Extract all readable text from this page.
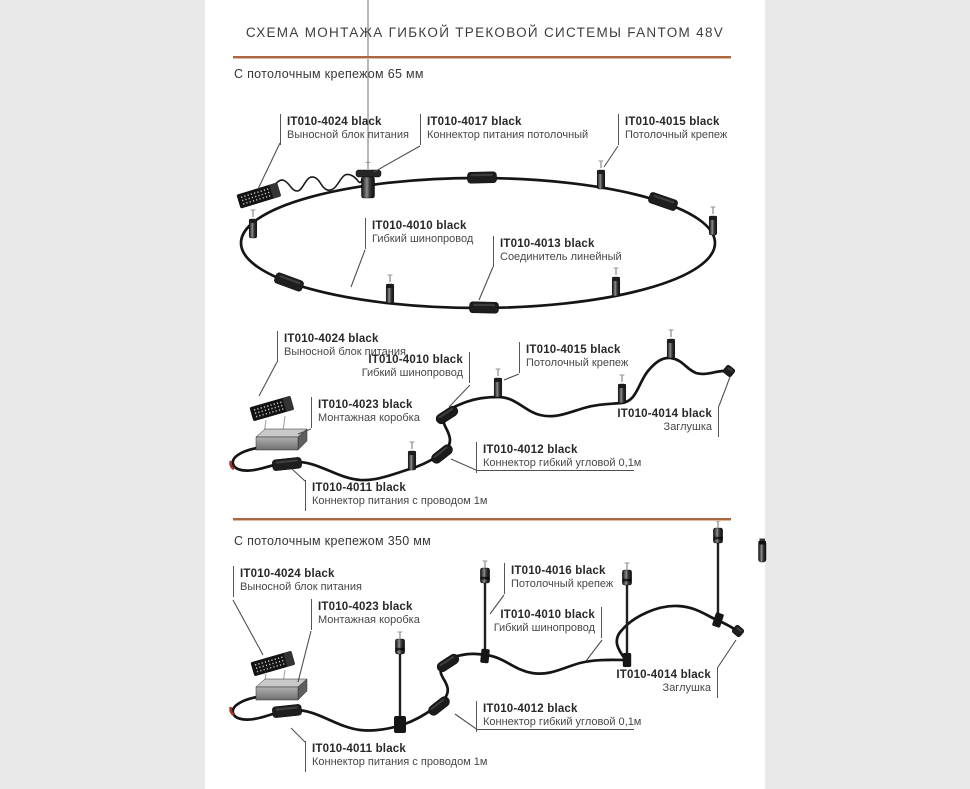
СХЕМА МОНТАЖА ГИБКОЙ ТРЕКОВОЙ СИСТЕМЫ FANTOM 48V
С потолочным крепежом 65 мм
С потолочным крепежом 350 мм
IT010-4024 black
Выносной блок питания
IT010-4017 black
Коннектор питания потолочный
IT010-4015 black
Потолочный крепеж
IT010-4010 black
Гибкий шинопровод IT010-4013 black
Соединитель линейный
IT010-4024 black
Выносной блок питания
IT010-4010 black
Гибкий шинопровод
IT010-4015 black
Потолочный крепеж
IT010-4023 black
Монтажная коробка	IT010-4014 black
Заглушка
IT010-4012 black
Коннектор гибкий угловой 0,1м
IT010-4011 black
Коннектор питания с проводом 1м
IT010-4024 black
Выносной блок питания
IT010-4023 black
Монтажная коробка
IT010-4016 black
Потолочный крепеж
IT010-4010 black
Гибкий шинопровод
IT010-4014 black
Заглушка
IT010-4012 black
Коннектор гибкий угловой 0,1м
IT010-4011 black
Коннектор питания с проводом 1м
